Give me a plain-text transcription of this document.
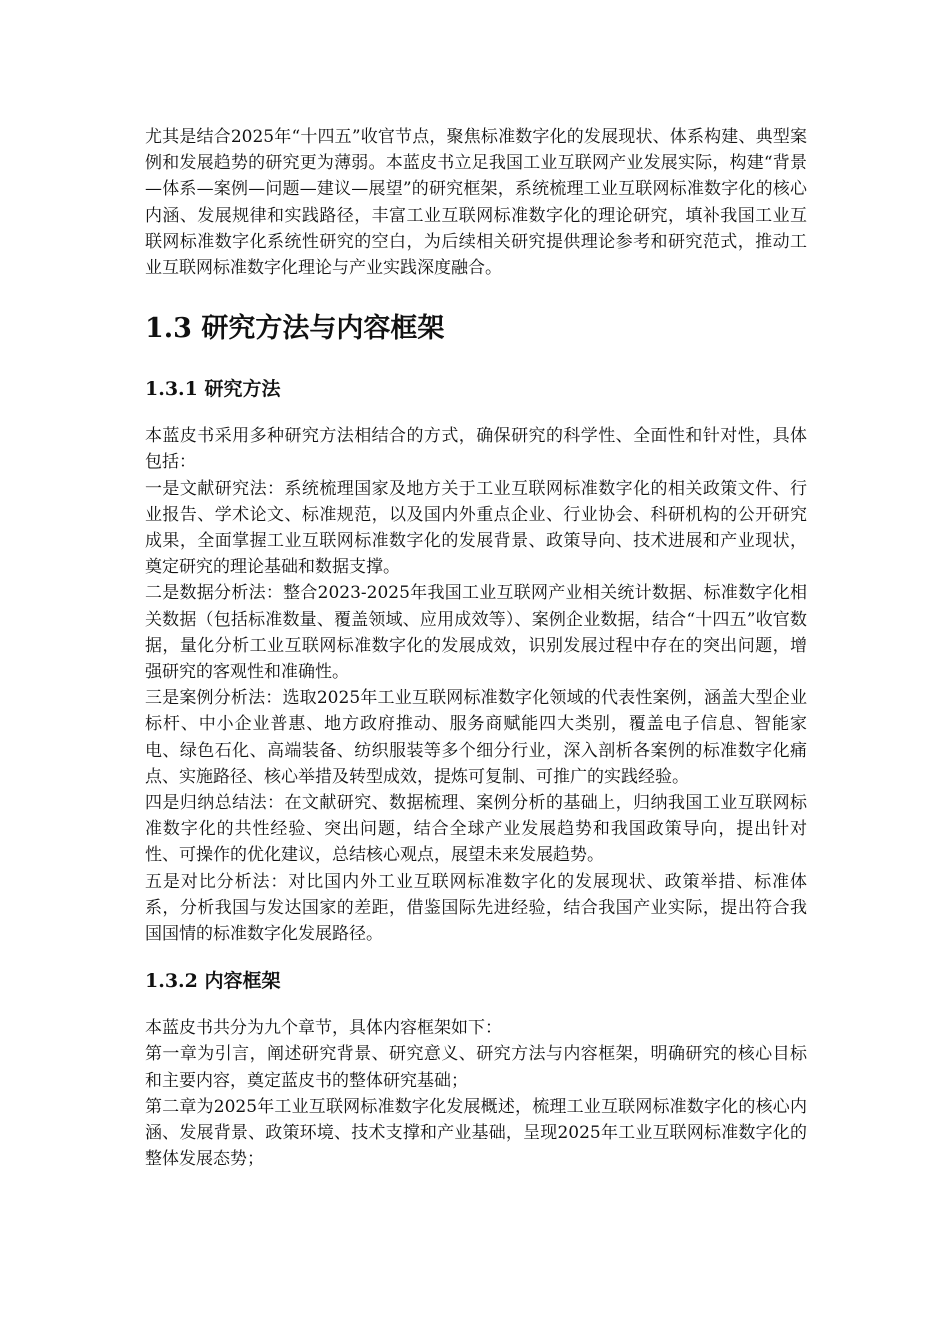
尤其是结合2025年“十四五”收官节点，聚焦标准数字化的发展现状、体系构建、典型案例和发展趋势的研究更为薄弱。本蓝皮书立足我国工业互联网产业发展实际，构建“背景—体系—案例—问题—建议—展望”的研究框架，系统梳理工业互联网标准数字化的核心内涵、发展规律和实践路径，丰富工业互联网标准数字化的理论研究，填补我国工业互联网标准数字化系统性研究的空白，为后续相关研究提供理论参考和研究范式，推动工业互联网标准数字化理论与产业实践深度融合。

1.3 研究方法与内容框架
1.3.1 研究方法

本蓝皮书采用多种研究方法相结合的方式，确保研究的科学性、全面性和针对性，具体包括：

一是文献研究法：系统梳理国家及地方关于工业互联网标准数字化的相关政策文件、行业报告、学术论文、标准规范，以及国内外重点企业、行业协会、科研机构的公开研究成果，全面掌握工业互联网标准数字化的发展背景、政策导向、技术进展和产业现状，奠定研究的理论基础和数据支撑。

二是数据分析法：整合2023-2025年我国工业互联网产业相关统计数据、标准数字化相关数据（包括标准数量、覆盖领域、应用成效等）、案例企业数据，结合“十四五”收官数据，量化分析工业互联网标准数字化的发展成效，识别发展过程中存在的突出问题，增强研究的客观性和准确性。

三是案例分析法：选取2025年工业互联网标准数字化领域的代表性案例，涵盖大型企业标杆、中小企业普惠、地方政府推动、服务商赋能四大类别，覆盖电子信息、智能家电、绿色石化、高端装备、纺织服装等多个细分行业，深入剖析各案例的标准数字化痛点、实施路径、核心举措及转型成效，提炼可复制、可推广的实践经验。

四是归纳总结法：在文献研究、数据梳理、案例分析的基础上，归纳我国工业互联网标准数字化的共性经验、突出问题，结合全球产业发展趋势和我国政策导向，提出针对性、可操作的优化建议，总结核心观点，展望未来发展趋势。

五是对比分析法：对比国内外工业互联网标准数字化的发展现状、政策举措、标准体系，分析我国与发达国家的差距，借鉴国际先进经验，结合我国产业实际，提出符合我国国情的标准数字化发展路径。

1.3.2 内容框架

本蓝皮书共分为九个章节，具体内容框架如下：

第一章为引言，阐述研究背景、研究意义、研究方法与内容框架，明确研究的核心目标和主要内容，奠定蓝皮书的整体研究基础；

第二章为2025年工业互联网标准数字化发展概述，梳理工业互联网标准数字化的核心内涵、发展背景、政策环境、技术支撑和产业基础，呈现2025年工业互联网标准数字化的整体发展态势；
